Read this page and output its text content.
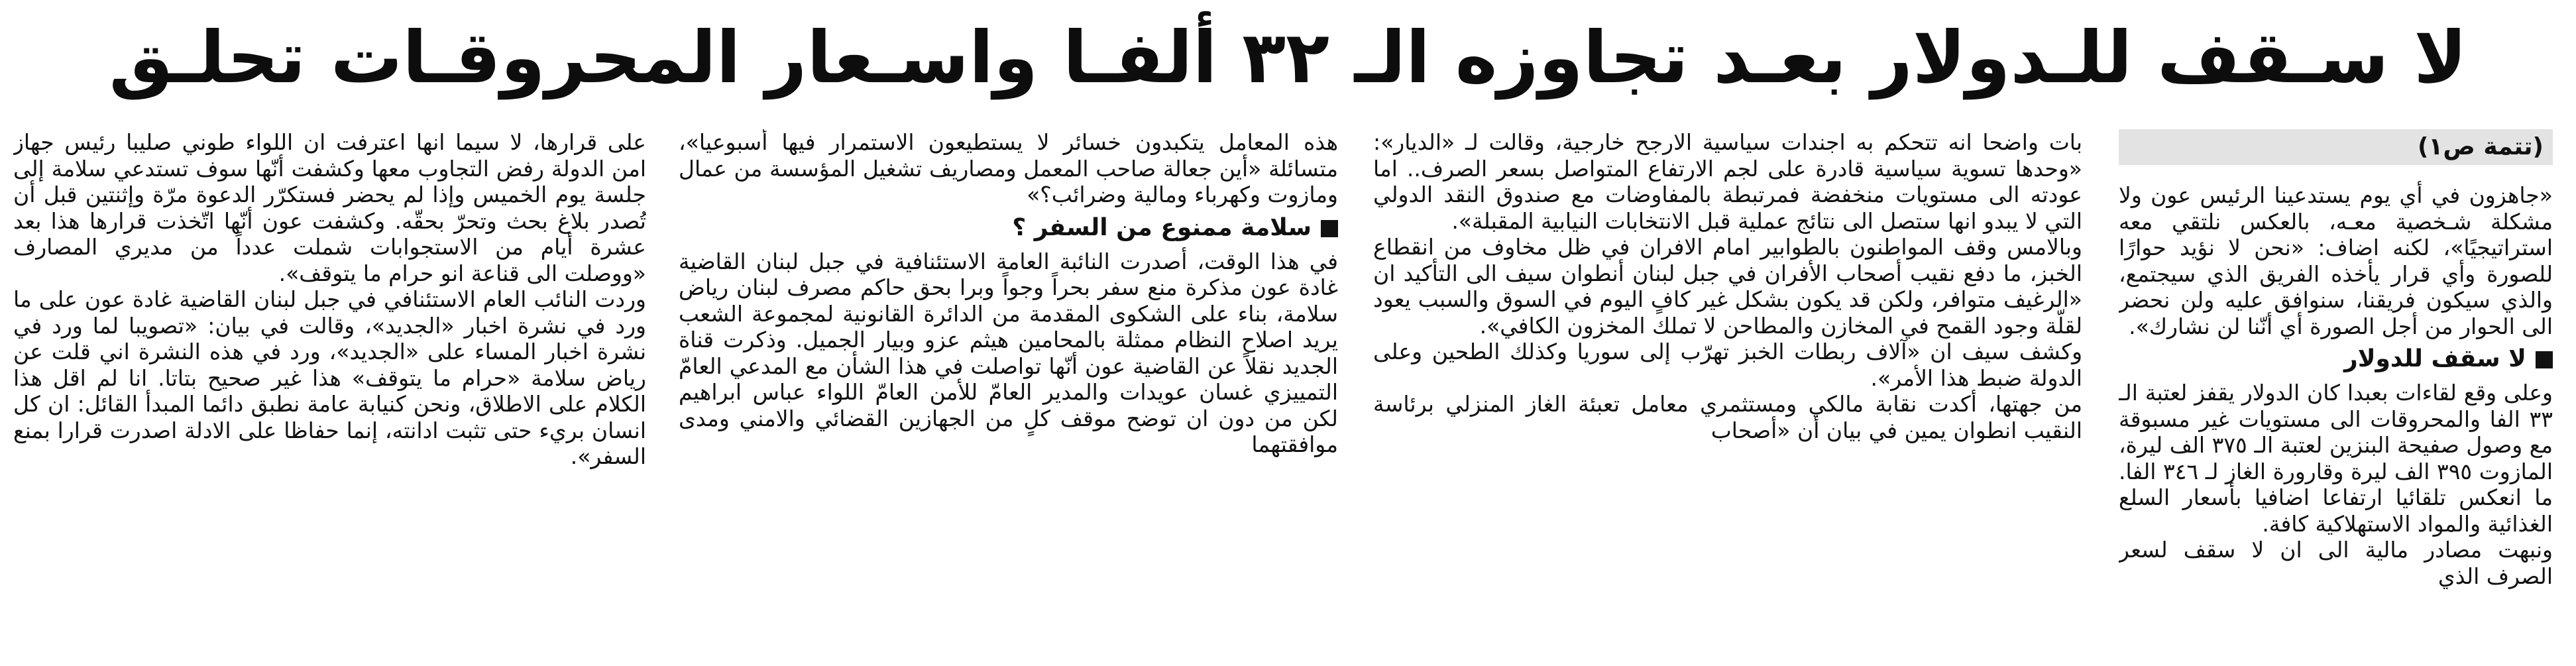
لا سـقف للـدولار بعـد تجاوزه الـ ٣٢ ألفـا واسـعار المحروقـات تحلـق
(تتمة ص١)

«جاهزون في أي يوم يستدعينا الرئيس عون ولا مشكلة شـخصية معـه، بالعكس نلتقي معه استراتيجيًا»، لكنه اضاف: «نحن لا نؤيد حوارًا للصورة وأي قرار يأخذه الفريق الذي سيجتمع، والذي سيكون فريقنا، سنوافق عليه ولن نحضر الى الحوار من أجل الصورة أي أنّنا لن نشارك».

لا سقف للدولار

وعلى وقع لقاءات بعبدا كان الدولار يقفز لعتبة الـ ٣٣ الفا والمحروقات الى مستويات غير مسبوقة مع وصول صفيحة البنزين لعتبة الـ ٣٧٥ الف ليرة، المازوت ٣٩٥ الف ليرة وقارورة الغاز لـ ٣٤٦ الفا. ما انعكس تلقائيا ارتفاعا اضافيا بأسعار السلع الغذائية والمواد الاستهلاكية كافة.

ونبهت مصادر مالية الى ان لا سقف لسعر الصرف الذي

بات واضحا انه تتحكم به اجندات سياسية الارجح خارجية، وقالت لـ «الديار»: «وحدها تسوية سياسية قادرة على لجم الارتفاع المتواصل بسعر الصرف.. اما عودته الى مستويات منخفضة فمرتبطة بالمفاوضات مع صندوق النقد الدولي التي لا يبدو انها ستصل الى نتائج عملية قبل الانتخابات النيابية المقبلة».

وبالامس وقف المواطنون بالطوابير امام الافران في ظل مخاوف من انقطاع الخبز، ما دفع نقيب أصحاب الأفران في جبل لبنان أنطوان سيف الى التأكيد ان «الرغيف متوافر، ولكن قد يكون بشكل غير كافٍ اليوم في السوق والسبب يعود لقلّة وجود القمح في المخازن والمطاحن لا تملك المخزون الكافي».

وكشف سيف ان «آلاف ربطات الخبز تهرّب إلى سوريا وكذلك الطحين وعلى الدولة ضبط هذا الأمر».

من جهتها، أكدت نقابة مالكي ومستثمري معامل تعبئة الغاز المنزلي برئاسة النقيب انطوان يمين في بيان أن «أصحاب

هذه المعامل يتكبدون خسائر لا يستطيعون الاستمرار فيها أسبوعيا»، متسائلة «أين جعالة صاحب المعمل ومصاريف تشغيل المؤسسة من عمال ومازوت وكهرباء ومالية وضرائب؟»

سلامة ممنوع من السفر ؟

في هذا الوقت، أصدرت النائبة العامة الاستئنافية في جبل لبنان القاضية غادة عون مذكرة منع سفر بحراً وجواً وبرا بحق حاكم مصرف لبنان رياض سلامة، بناء على الشكوى المقدمة من الدائرة القانونية لمجموعة الشعب يريد اصلاح النظام ممثلة بالمحامين هيثم عزو وبيار الجميل. وذكرت قناة الجديد نقلاً عن القاضية عون أنّها تواصلت في هذا الشأن مع المدعي العامّ التمييزي غسان عويدات والمدير العامّ للأمن العامّ اللواء عباس ابراهيم لكن من دون ان توضح موقف كلٍ من الجهازين القضائي والامني ومدى موافقتهما

على قرارها، لا سيما انها اعترفت ان اللواء طوني صليبا رئيس جهاز امن الدولة رفض التجاوب معها وكشفت أنّها سوف تستدعي سلامة إلى جلسة يوم الخميس وإذا لم يحضر فستكرّر الدعوة مرّة وإثنتين قبل أن تُصدر بلاغ بحث وتحرّ بحقّه. وكشفت عون أنّها اتّخذت قرارها هذا بعد عشرة أيام من الاستجوابات شملت عدداً من مديري المصارف «ووصلت الى قناعة انو حرام ما يتوقف».

وردت النائب العام الاستئنافي في جبل لبنان القاضية غادة عون على ما ورد في نشرة اخبار «الجديد»، وقالت في بيان: «تصويبا لما ورد في نشرة اخبار المساء على «الجديد»، ورد في هذه النشرة اني قلت عن رياض سلامة «حرام ما يتوقف» هذا غير صحيح بتاتا. انا لم اقل هذا الكلام على الاطلاق، ونحن كنيابة عامة نطبق دائما المبدأ القائل: ان كل انسان بريء حتى تثبت ادانته، إنما حفاظا على الادلة اصدرت قرارا بمنع السفر».
